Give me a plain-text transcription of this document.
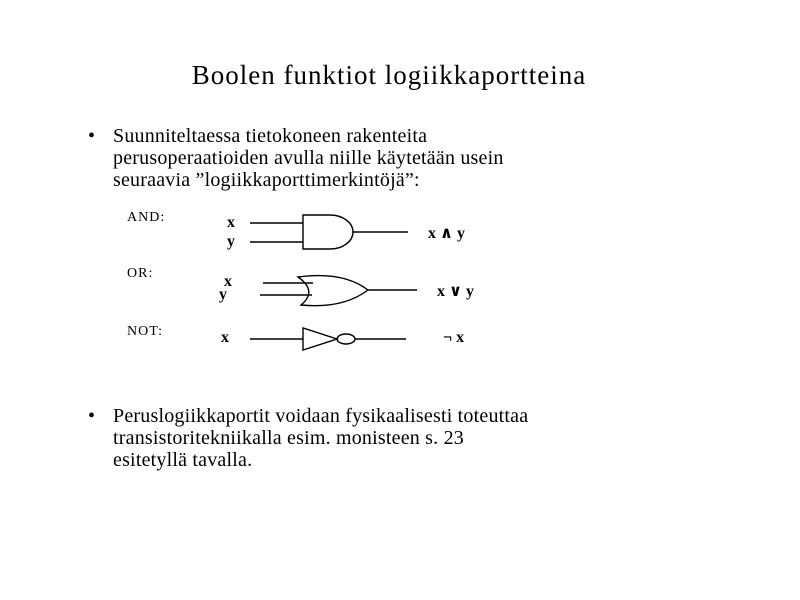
Boolen funktiot logiikkaportteina
• Suunniteltaessa tietokoneen rakenteita
perusoperaatioiden avulla niille käytetään usein
seuraavia ”logiikkaporttimerkintöjä”:
AND:	x
y	x ∧ y
OR:	x
y	x ∨ y
NOT:	x	¬ x
• Peruslogiikkaportit voidaan fysikaalisesti toteuttaa
transistoritekniikalla esim. monisteen s. 23
esitetyllä tavalla.
